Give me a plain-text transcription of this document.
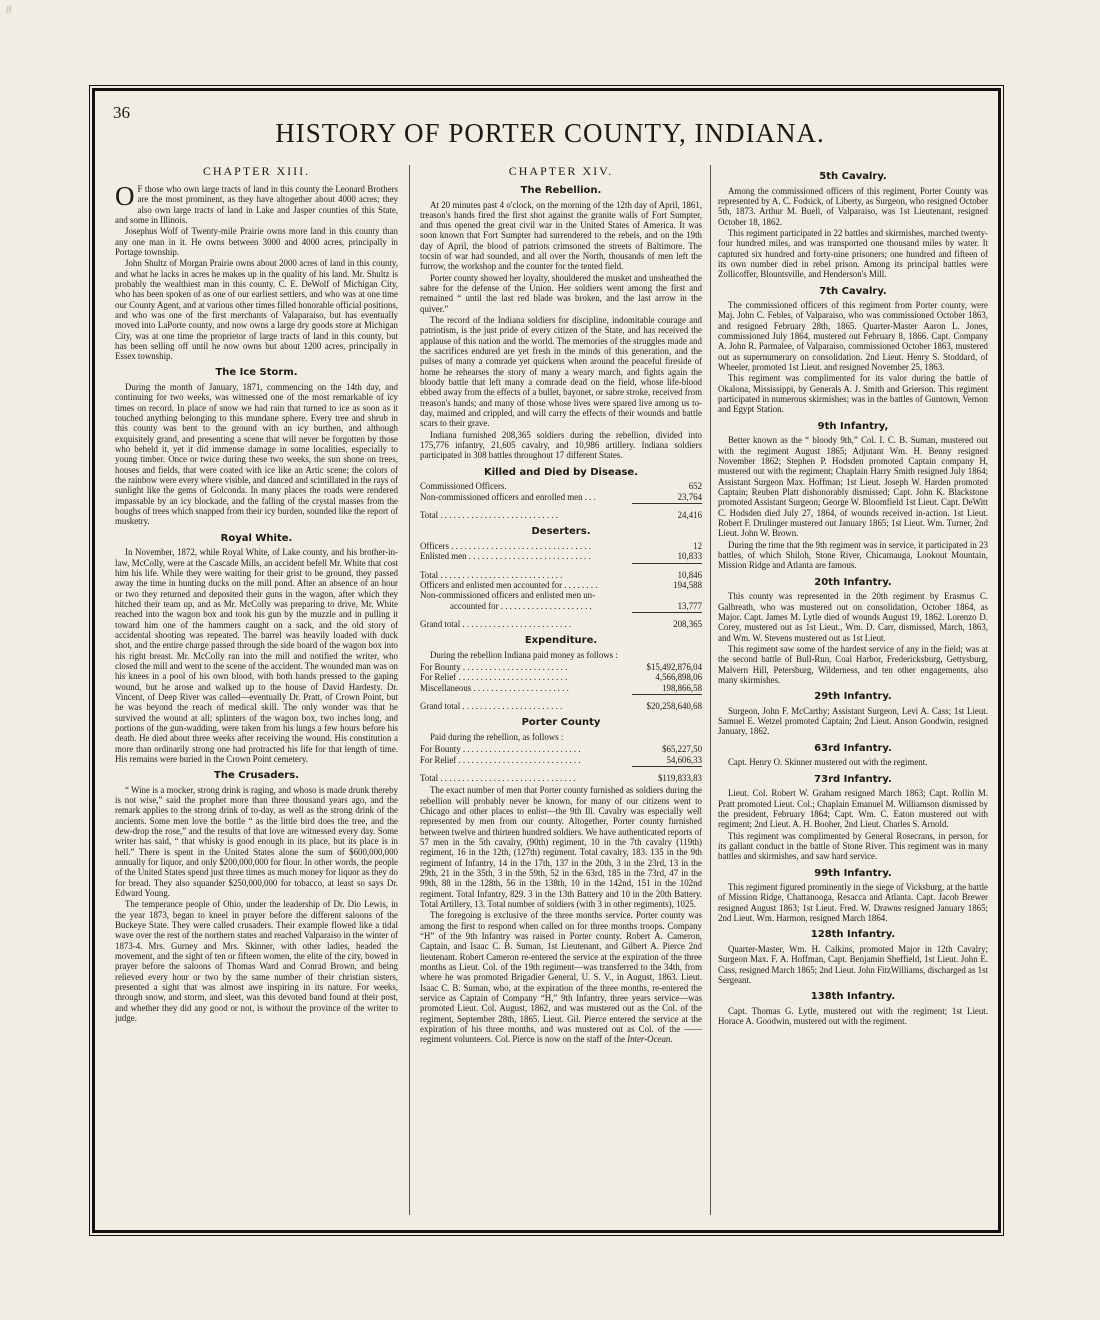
8
36
HISTORY OF PORTER COUNTY, INDIANA.
CHAPTER XIII.

O F those who own large tracts of land in this county the Leonard Brothers are the most prominent, as they have altogether about 4000 acres; they also own large tracts of land in Lake and Jasper counties of this State, and some in Illinois.

Josephus Wolf of Twenty-mile Prairie owns more land in this county than any one man in it. He owns between 3000 and 4000 acres, principally in Portage township.

John Shultz of Morgan Prairie owns about 2000 acres of land in this county, and what he lacks in acres he makes up in the quality of his land. Mr. Shultz is probably the wealthiest man in this county. C. E. DeWolf of Michigan City, who has been spoken of as one of our earliest settlers, and who was at one time our County Agent, and at various other times filled honorable official positions, and who was one of the first merchants of Valaparaiso, but has eventually moved into LaPorte county, and now owns a large dry goods store at Michigan City, was at one time the proprietor of large tracts of land in this county, but has been selling off until he now owns but about 1200 acres, principally in Essex township.

The Ice Storm.

During the month of January, 1871, commencing on the 14th day, and continuing for two weeks, was witnessed one of the most remarkable of icy times on record. In place of snow we had rain that turned to ice as soon as it touched anything belonging to this mundane sphere. Every tree and shrub in this county was bent to the ground with an icy burthen, and although exquisitely grand, and presenting a scene that will never be forgotten by those who beheld it, yet it did immense damage in some localities, especially to young timber. Once or twice during these two weeks, the sun shone on trees, houses and fields, that were coated with ice like an Artic scene; the colors of the rainbow were every where visible, and danced and scintillated in the rays of sunlight like the gems of Golconda. In many places the roads were rendered impassable by an icy blockade, and the falling of the crystal masses from the boughs of trees which snapped from their icy burden, sounded like the report of musketry.

Royal White.

In November, 1872, while Royal White, of Lake county, and his brother-in-law, McColly, were at the Cascade Mills, an accident befell Mr. White that cost him his life. While they were waiting for their grist to be ground, they passed away the time in hunting ducks on the mill pond. After an absence of an hour or two they returned and deposited their guns in the wagon, after which they hitched their team up, and as Mr. McColly was preparing to drive, Mr. White reached into the wagon box and took his gun by the muzzle and in pulling it toward him one of the hammers caught on a sack, and the old story of accidental shooting was repeated. The barrel was heavily loaded with duck shot, and the entire charge passed through the side board of the wagon box into his right breast. Mr. McColly ran into the mill and notified the writer, who closed the mill and went to the scene of the accident. The wounded man was on his knees in a pool of his own blood, with both hands pressed to the gaping wound, but he arose and walked up to the house of David Hardesty. Dr. Vincent, of Deep River was called—eventually Dr. Pratt, of Crown Point, but he was beyond the reach of medical skill. The only wonder was that he survived the wound at all; splinters of the wagon box, two inches long, and portions of the gun-wadding, were taken from his lungs a few hours before his death. He died about three weeks after receiving the wound. His constitution a more than ordinarily strong one had protracted his life for that length of time. His remains were buried in the Crown Point cemetery.

The Crusaders.

“ Wine is a mocker, strong drink is raging, and whoso is made drunk thereby is not wise,” said the prophet more than three thousand years ago, and the remark applies to the strong drink of to-day, as well as the strong drink of the ancients. Some men love the bottle “ as the little bird does the tree, and the dew-drop the rose,” and the results of that love are witnessed every day. Some writer has said, “ that whisky is good enough in its place, but its place is in hell.” There is spent in the United States alone the sum of $600,000,000 annually for liquor, and only $200,000,000 for flour. In other words, the people of the United States spend just three times as much money for liquor as they do for bread. They also squander $250,000,000 for tobacco, at least so says Dr. Edward Young.

The temperance people of Ohio, under the leadership of Dr. Dio Lewis, in the year 1873, began to kneel in prayer before the different saloons of the Buckeye State. They were called crusaders. Their example flowed like a tidal wave over the rest of the northern states and reached Valparaiso in the winter of 1873-4. Mrs. Gurney and Mrs. Skinner, with other ladies, headed the movement, and the sight of ten or fifteen women, the elite of the city, bowed in prayer before the saloons of Thomas Ward and Conrad Brown, and being relieved every hour or two by the same number of their christian sisters, presented a sight that was almost awe inspiring in its nature. For weeks, through snow, and storm, and sleet, was this devoted band found at their post, and whether they did any good or not, is without the province of the writer to judge.

CHAPTER XIV.
The Rebellion.

At 20 minutes past 4 o'clock, on the morning of the 12th day of April, 1861, treason's hands fired the first shot against the granite walls of Fort Sumpter, and thus opened the great civil war in the United States of America. It was soon known that Fort Sumpter had surrendered to the rebels, and on the 19th day of April, the blood of patriots crimsoned the streets of Baltimore. The tocsin of war had sounded, and all over the North, thousands of men left the furrow, the workshop and the counter for the tented field.

Porter county showed her loyalty, shouldered the musket and unsheathed the sabre for the defense of the Union. Her soldiers went among the first and remained “ until the last red blade was broken, and the last arrow in the quiver.”

The record of the Indiana soldiers for discipline, indomitable courage and patriotism, is the just pride of every citizen of the State, and has received the applause of this nation and the world. The memories of the struggles made and the sacrifices endured are yet fresh in the minds of this generation, and the pulses of many a comrade yet quickens when around the peaceful fireside of home he rehearses the story of many a weary march, and fights again the bloody battle that left many a comrade dead on the field, whose life-blood ebbed away from the effects of a bullet, bayonet, or sabre stroke, received from treason's hands; and many of those whose lives were spared live among us to-day, maimed and crippled, and will carry the effects of their wounds and battle scars to their grave.

Indiana furnished 208,365 soldiers during the rebellion, divided into 175,776 infantry, 21,605 cavalry, and 10,986 artillery. Indiana soldiers participated in 308 battles throughout 17 different States.

Killed and Died by Disease.
Commissioned Officers.	652
Non-commissioned officers and enrolled men . . .	23,764
Total . . . . . . . . . . . . . . . . . . . . . . . . . . .	24,416
Deserters.
Officers . . . . . . . . . . . . . . . . . . . . . . . . . . . . . . . .	12
Enlisted men . . . . . . . . . . . . . . . . . . . . . . . . . . . .	10,833
Total . . . . . . . . . . . . . . . . . . . . . . . . . . . .	10,846
Officers and enlisted men accounted for . . . . . . . .	194,588
Non-commissioned officers and enlisted men un-
accounted for . . . . . . . . . . . . . . . . . . . . .	13,777
Grand total . . . . . . . . . . . . . . . . . . . . . . . . .	208,365
Expenditure.

During the rebellion Indiana paid money as follows :

For Bounty . . . . . . . . . . . . . . . . . . . . . . . .	$15,492,876,04
For Relief . . . . . . . . . . . . . . . . . . . . . . . . .	4,566,898,06
Miscellaneous . . . . . . . . . . . . . . . . . . . . . .	198,866,58
Grand total . . . . . . . . . . . . . . . . . . . . . . .	$20,258,640,68
Porter County

Paid during the rebellion, as follows :

For Bounty . . . . . . . . . . . . . . . . . . . . . . . . . . .	$65,227,50
For Relief . . . . . . . . . . . . . . . . . . . . . . . . . . . .	54,606,33
Total . . . . . . . . . . . . . . . . . . . . . . . . . . . . . . .	$119,833,83

The exact number of men that Porter county furnished as soldiers during the rebellion will probably never be known, for many of our citizens went to Chicago and other places to enlist—the 9th Ill. Cavalry was especially well represented by men from our county. Altogether, Porter county furnished between twelve and thirteen hundred soldiers. We have authenticated reports of 57 men in the 5th cavalry, (90th) regiment, 10 in the 7th cavalry (119th) regiment, 16 in the 12th, (127th) regiment. Total cavalry, 183. 135 in the 9th regiment of Infantry, 14 in the 17th, 137 in the 20th, 3 in the 23rd, 13 in the 29th, 21 in the 35th, 3 in the 59th, 52 in the 63rd, 185 in the 73rd, 47 in the 99th, 88 in the 128th, 56 in the 138th, 10 in the 142nd, 151 in the 102nd regiment. Total Infantry, 829. 3 in the 13th Battery and 10 in the 20th Battery. Total Artillery, 13. Total number of soldiers (with 3 in other regiments), 1025.

The foregoing is exclusive of the three months service. Porter county was among the first to respond when called on for three months troops. Company “H” of the 9th Infantry was raised in Porter county. Robert A. Cameron, Captain, and Isaac C. B. Suman, 1st Lieutenant, and Gilbert A. Pierce 2nd lieutenant. Robert Cameron re-entered the service at the expiration of the three months as Lieut. Col. of the 19th regiment—was transferred to the 34th, from where he was promoted Brigadier General, U. S. V., in August, 1863. Lieut. Isaac C. B. Suman, who, at the expiration of the three months, re-entered the service as Captain of Company “H,” 9th Infantry, three years service—was promoted Lieut. Col. August, 1862, and was mustered out as the Col. of the regiment, September 28th, 1865. Lieut. Gil. Pierce entered the service at the expiration of his three months, and was mustered out as Col. of the —— regiment volunteers. Col. Pierce is now on the staff of the Inter-Ocean.

5th Cavalry.

Among the commissioned officers of this regiment, Porter County was represented by A. C. Fodsick, of Liberty, as Surgeon, who resigned October 5th, 1873. Arthur M. Buell, of Valparaiso, was 1st Lieutenant, resigned October 18, 1862.

This regiment participated in 22 battles and skirmishes, marched twenty-four hundred miles, and was transported one thousand miles by water. It captured six hundred and forty-nine prisoners; one hundred and fifteen of its own number died in rebel prison. Among its principal battles were Zollicoffer, Blountsville, and Henderson's Mill.

7th Cavalry.

The commissioned officers of this regiment from Porter county, were Maj. John C. Febles, of Valparaiso, who was commissioned October 1863, and resigned February 28th, 1865. Quarter-Master Aaron L. Jones, commissioned July 1864, mustered out February 8, 1866. Capt. Company A. John R. Parmalee, of Valparaiso, commissioned October 1863, mustered out as supernumerary on consolidation. 2nd Lieut. Henry S. Stoddard, of Wheeler, promoted 1st Lieut. and resigned November 25, 1863.

This regiment was complimented for its valor during the battle of Okalona, Mississippi, by Generals A. J. Smith and Grierson. This regiment participated in numerous skirmishes; was in the battles of Guntown, Vernon and Egypt Station.

9th Infantry,

Better known as the “ bloody 9th,” Col. I. C. B. Suman, mustered out with the regiment August 1865; Adjutant Wm. H. Benny resigned November 1862; Stephen P. Hodsden promoted Captain company H, mustered out with the regiment; Chaplain Harry Smith resigned July 1864; Assistant Surgeon Max. Hoffman; 1st Lieut. Joseph W. Harden promoted Captain; Reuben Platt dishonorably dismissed; Capt. John K. Blackstone promoted Assistant Surgeon; George W. Bloomfield 1st Lieut. Capt. DeWitt C. Hodsden died July 27, 1864, of wounds received in-action. 1st Lieut. Robert F. Drulinger mustered out January 1865; 1st Lieut. Wm. Turner, 2nd Lieut. John W. Brown.

During the time that the 9th regiment was in service, it participated in 23 battles, of which Shiloh, Stone River, Chicamauga, Lookout Mountain, Mission Ridge and Atlanta are famous.

20th Infantry.

This county was represented in the 20th regiment by Erasmus C. Galbreath, who was mustered out on consolidation, October 1864, as Major. Capt. James M. Lytle died of wounds August 19, 1862. Lorenzo D. Corey, mustered out as 1st Lieut., Wm. D. Carr, dismissed, March, 1863, and Wm. W. Stevens mustered out as 1st Lieut.

This regiment saw some of the hardest service of any in the field; was at the second battle of Bull-Run, Coal Harbor, Fredericksburg, Gettysburg, Malvern Hill, Petersburg, Wilderness, and ten other engagements, also many skirmishes.

29th Infantry.

Surgeon, John F. McCarthy; Assistant Surgeon, Levi A. Cass; 1st Lieut. Samuel E. Wetzel promoted Captain; 2nd Lieut. Anson Goodwin, resigned January, 1862.

63rd Infantry.

Capt. Henry O. Skinner mustered out with the regiment.

73rd Infantry.

Lieut. Col. Robert W. Graham resigned March 1863; Capt. Rollin M. Pratt promoted Lieut. Col.; Chaplain Emanuel M. Williamson dismissed by the president, February 1864; Capt. Wm. C. Eaton mustered out with regiment; 2nd Lieut. A. H. Booher, 2nd Lieut. Charles S. Arnold.

This regiment was complimented by General Rosecrans, in person, for its gallant conduct in the battle of Stone River. This regiment was in many battles and skirmishes, and saw hard service.

99th Infantry.

This regiment figured prominently in the siege of Vicksburg, at the battle of Mission Ridge, Chattanooga, Resacca and Atlanta. Capt. Jacob Brewer resigned August 1863; 1st Lieut. Fred. W. Drawns resigned January 1865; 2nd Lieut. Wm. Harmon, resigned March 1864.

128th Infantry.

Quarter-Master, Wm. H. Calkins, promoted Major in 12th Cavalry; Surgeon Max. F. A. Hoffman, Capt. Benjamin Sheffield, 1st Lieut. John E. Cass, resigned March 1865; 2nd Lieut. John FitzWilliams, discharged as 1st Sergeant.

138th Infantry.

Capt. Thomas G. Lytle, mustered out with the regiment; 1st Lieut. Horace A. Goodwin, mustered out with the regiment.
